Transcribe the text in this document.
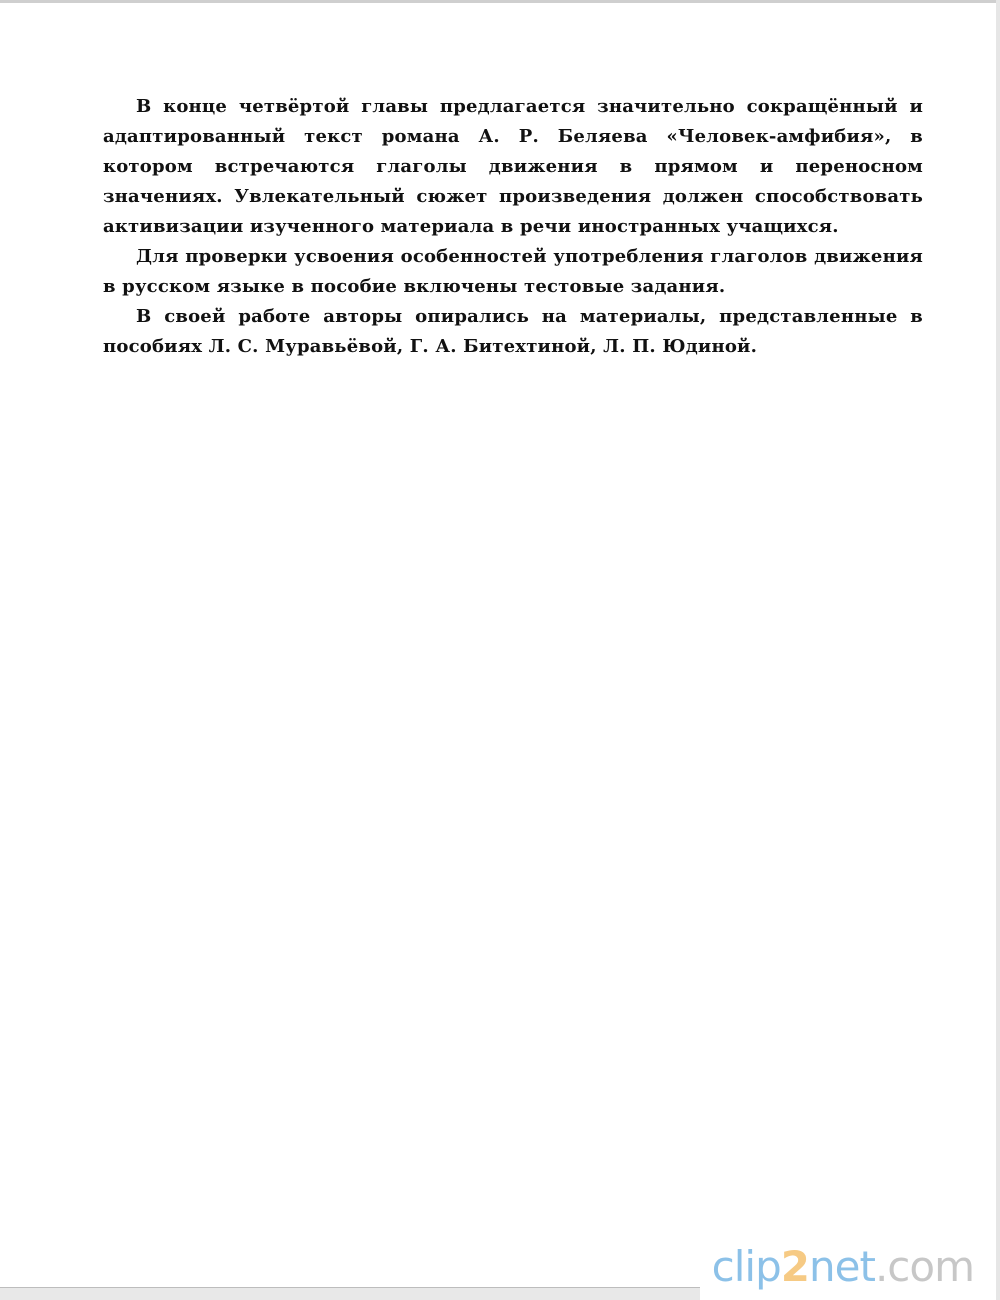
В конце четвёртой главы предлагается значительно сокращённый и адаптированный текст романа А. Р. Беляева «Человек-амфибия», в котором встречаются глаголы движения в прямом и переносном значениях. Увлекательный сюжет произведения должен способствовать активизации изученного материала в речи иностранных учащихся.

Для проверки усвоения особенностей употребления глаголов движения в русском языке в пособие включены тестовые задания.

В своей работе авторы опирались на материалы, представленные в пособиях Л. С. Муравьёвой, Г. А. Битехтиной, Л. П. Юдиной.

clip2net.com
